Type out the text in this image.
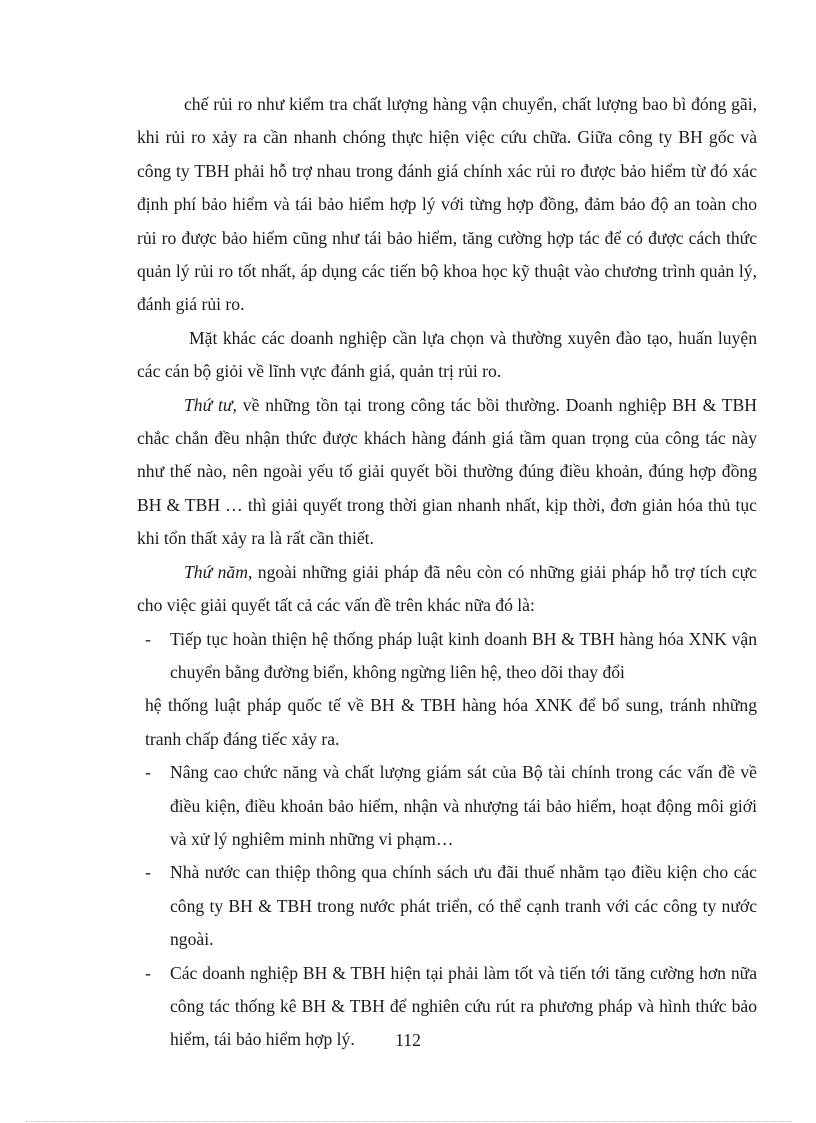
chế rủi ro như kiểm tra chất lượng hàng vận chuyển, chất lượng bao bì đóng gãi, khi rủi ro xảy ra cần nhanh chóng thực hiện việc cứu chữa. Giữa công ty BH gốc và công ty TBH phải hỗ trợ nhau trong đánh giá chính xác rủi ro được bảo hiểm từ đó xác định phí bảo hiểm và tái bảo hiểm hợp lý với từng hợp đồng, đảm bảo độ an toàn cho rủi ro được bảo hiểm cũng như tái bảo hiểm, tăng cường hợp tác để có được cách thức quản lý rủi ro tốt nhất, áp dụng các tiến bộ khoa học kỹ thuật vào chương trình quản lý, đánh giá rủi ro.

Mặt khác các doanh nghiệp cần lựa chọn và thường xuyên đào tạo, huấn luyện các cán bộ giỏi về lĩnh vực đánh giá, quản trị rủi ro.

Thứ tư, về những tồn tại trong công tác bồi thường. Doanh nghiệp BH & TBH chắc chắn đều nhận thức được khách hàng đánh giá tầm quan trọng của công tác này như thế nào, nên ngoài yếu tố giải quyết bồi thường đúng điều khoản, đúng hợp đồng BH & TBH … thì giải quyết trong thời gian nhanh nhất, kịp thời, đơn giản hóa thủ tục khi tổn thất xảy ra là rất cần thiết.

Thứ năm, ngoài những giải pháp đã nêu còn có những giải pháp hỗ trợ tích cực cho việc giải quyết tất cả các vấn đề trên khác nữa đó là:

- Tiếp tục hoàn thiện hệ thống pháp luật kinh doanh BH & TBH hàng hóa XNK vận chuyển bằng đường biển, không ngừng liên hệ, theo dõi thay đổi

hệ thống luật pháp quốc tế về BH & TBH hàng hóa XNK để bổ sung, tránh những tranh chấp đáng tiếc xảy ra.

- Nâng cao chức năng và chất lượng giám sát của Bộ tài chính trong các vấn đề về điều kiện, điều khoản bảo hiểm, nhận và nhượng tái bảo hiểm, hoạt động môi giới và xử lý nghiêm minh những vi phạm…
- Nhà nước can thiệp thông qua chính sách ưu đãi thuế nhằm tạo điều kiện cho các công ty BH & TBH trong nước phát triển, có thể cạnh tranh với các công ty nước ngoài.
- Các doanh nghiệp BH & TBH hiện tại phải làm tốt và tiến tới tăng cường hơn nữa công tác thống kê BH & TBH để nghiên cứu rút ra phương pháp và hình thức bảo hiểm, tái bảo hiểm hợp lý.	112
